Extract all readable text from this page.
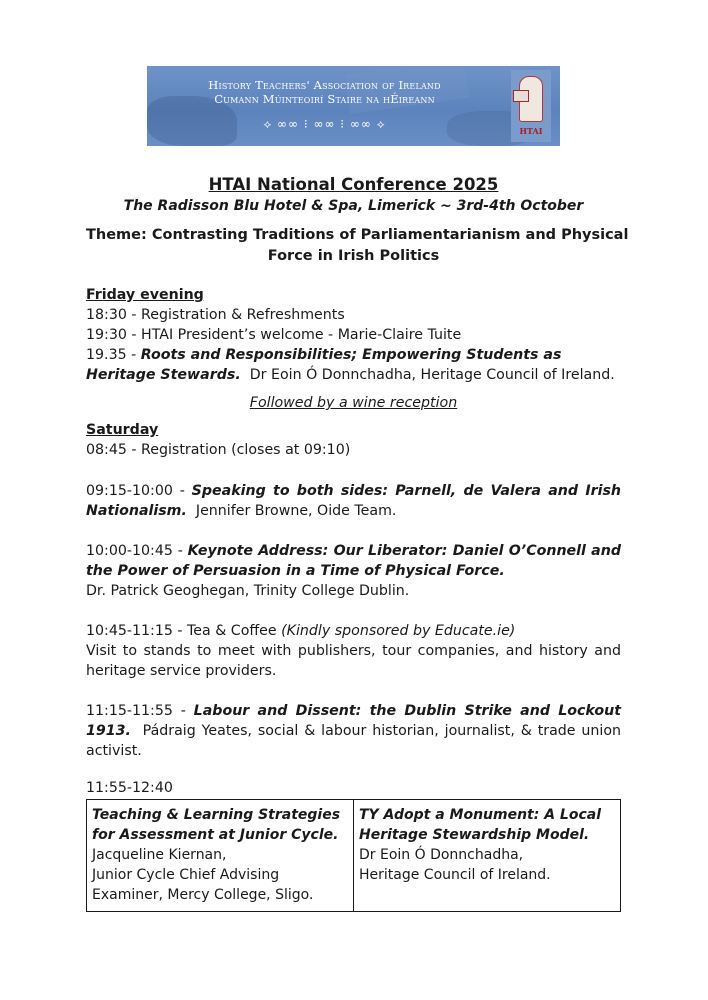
History Teachers' Association of Ireland
Cumann Múinteoirí Staire na hÉireann
⟡ ∞∞ ⁝ ∞∞ ⁝ ∞∞ ⟡	HTAI
HTAI National Conference 2025
The Radisson Blu Hotel & Spa, Limerick ~ 3rd-4th October
Theme: Contrasting Traditions of Parliamentarianism and Physical
Force in Irish Politics
Friday evening
18:30 - Registration & Refreshments
19:30 - HTAI President’s welcome - Marie-Claire Tuite
19.35 - Roots and Responsibilities; Empowering Students as
Heritage Stewards.  Dr Eoin Ó Donnchadha, Heritage Council of Ireland.
Followed by a wine reception
Saturday
08:45 - Registration (closes at 09:10)
09:15-10:00 - Speaking to both sides: Parnell, de Valera and Irish Nationalism.  Jennifer Browne, Oide Team.
10:00-10:45 - Keynote Address: Our Liberator: Daniel O’Connell and the Power of Persuasion in a Time of Physical Force.
Dr. Patrick Geoghegan, Trinity College Dublin.
10:45-11:15 - Tea & Coffee (Kindly sponsored by Educate.ie)
Visit to stands to meet with publishers, tour companies, and history and heritage service providers.
11:15-11:55 - Labour and Dissent: the Dublin Strike and Lockout 1913.  Pádraig Yeates, social & labour historian, journalist, & trade union activist.
11:55-12:40
Teaching & Learning Strategies for Assessment at Junior Cycle.
Jacqueline Kiernan,
Junior Cycle Chief Advising
Examiner, Mercy College, Sligo.
TY Adopt a Monument: A Local Heritage Stewardship Model.
Dr Eoin Ó Donnchadha,
Heritage Council of Ireland.
